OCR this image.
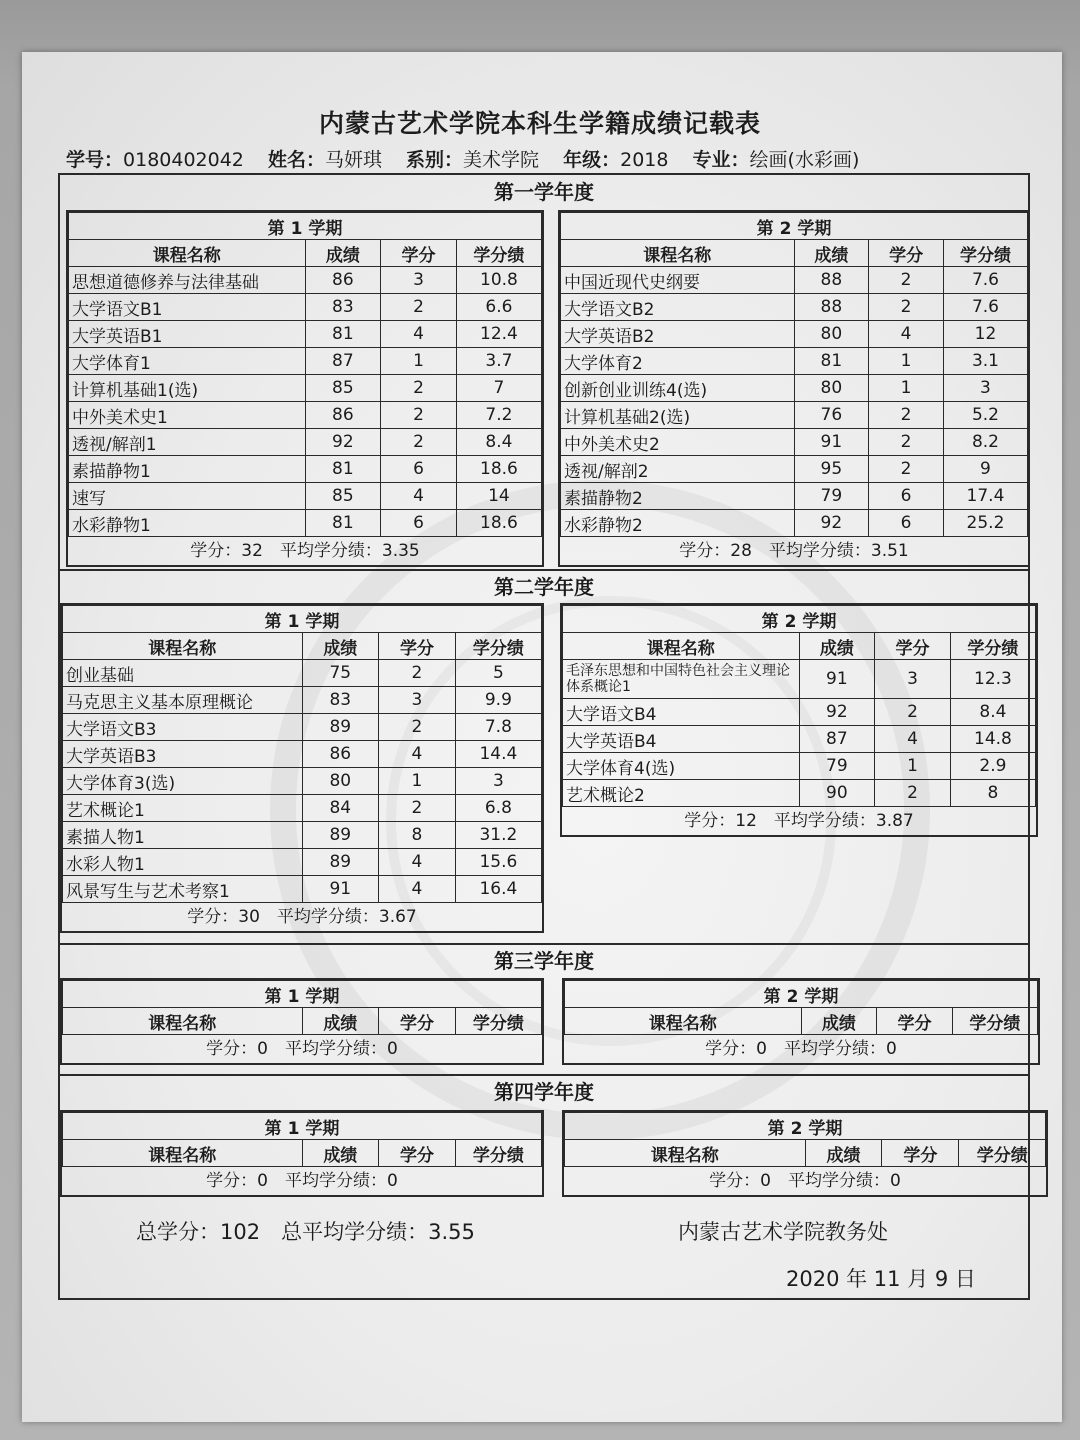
内蒙古艺术学院本科生学籍成绩记载表
学号：0180402042 姓名：马妍琪 系别：美术学院 年级：2018 专业：绘画(水彩画)
第一学年度
第二学年度
第三学年度
第四学年度
第 1 学期			
课程名称	成绩	学分	学分绩
思想道德修养与法律基础	86	3	10.8
大学语文B1	83	2	6.6
大学英语B1	81	4	12.4
大学体育1	87	1	3.7
计算机基础1(选)	85	2	7
中外美术史1	86	2	7.2
透视/解剖1	92	2	8.4
素描静物1	81	6	18.6
速写	85	4	14
水彩静物1	81	6	18.6
学分：32　平均学分绩：3.35			
第 2 学期			
课程名称	成绩	学分	学分绩
中国近现代史纲要	88	2	7.6
大学语文B2	88	2	7.6
大学英语B2	80	4	12
大学体育2	81	1	3.1
创新创业训练4(选)	80	1	3
计算机基础2(选)	76	2	5.2
中外美术史2	91	2	8.2
透视/解剖2	95	2	9
素描静物2	79	6	17.4
水彩静物2	92	6	25.2
学分：28　平均学分绩：3.51			
第 1 学期			
课程名称	成绩	学分	学分绩
创业基础	75	2	5
马克思主义基本原理概论	83	3	9.9
大学语文B3	89	2	7.8
大学英语B3	86	4	14.4
大学体育3(选)	80	1	3
艺术概论1	84	2	6.8
素描人物1	89	8	31.2
水彩人物1	89	4	15.6
风景写生与艺术考察1	91	4	16.4
学分：30　平均学分绩：3.67			
第 2 学期			
课程名称	成绩	学分	学分绩
毛泽东思想和中国特色社会主义理论体系概论1	91	3	12.3
大学语文B4	92	2	8.4
大学英语B4	87	4	14.8
大学体育4(选)	79	1	2.9
艺术概论2	90	2	8
学分：12　平均学分绩：3.87			
第 1 学期
课程名称	成绩	学分	学分绩
学分：0　平均学分绩：0
第 2 学期
课程名称	成绩	学分	学分绩
学分：0　平均学分绩：0
第 1 学期
课程名称	成绩	学分	学分绩
学分：0　平均学分绩：0
第 2 学期
课程名称	成绩	学分	学分绩
学分：0　平均学分绩：0
总学分：102　总平均学分绩：3.55	内蒙古艺术学院教务处
2020 年 11 月 9 日
